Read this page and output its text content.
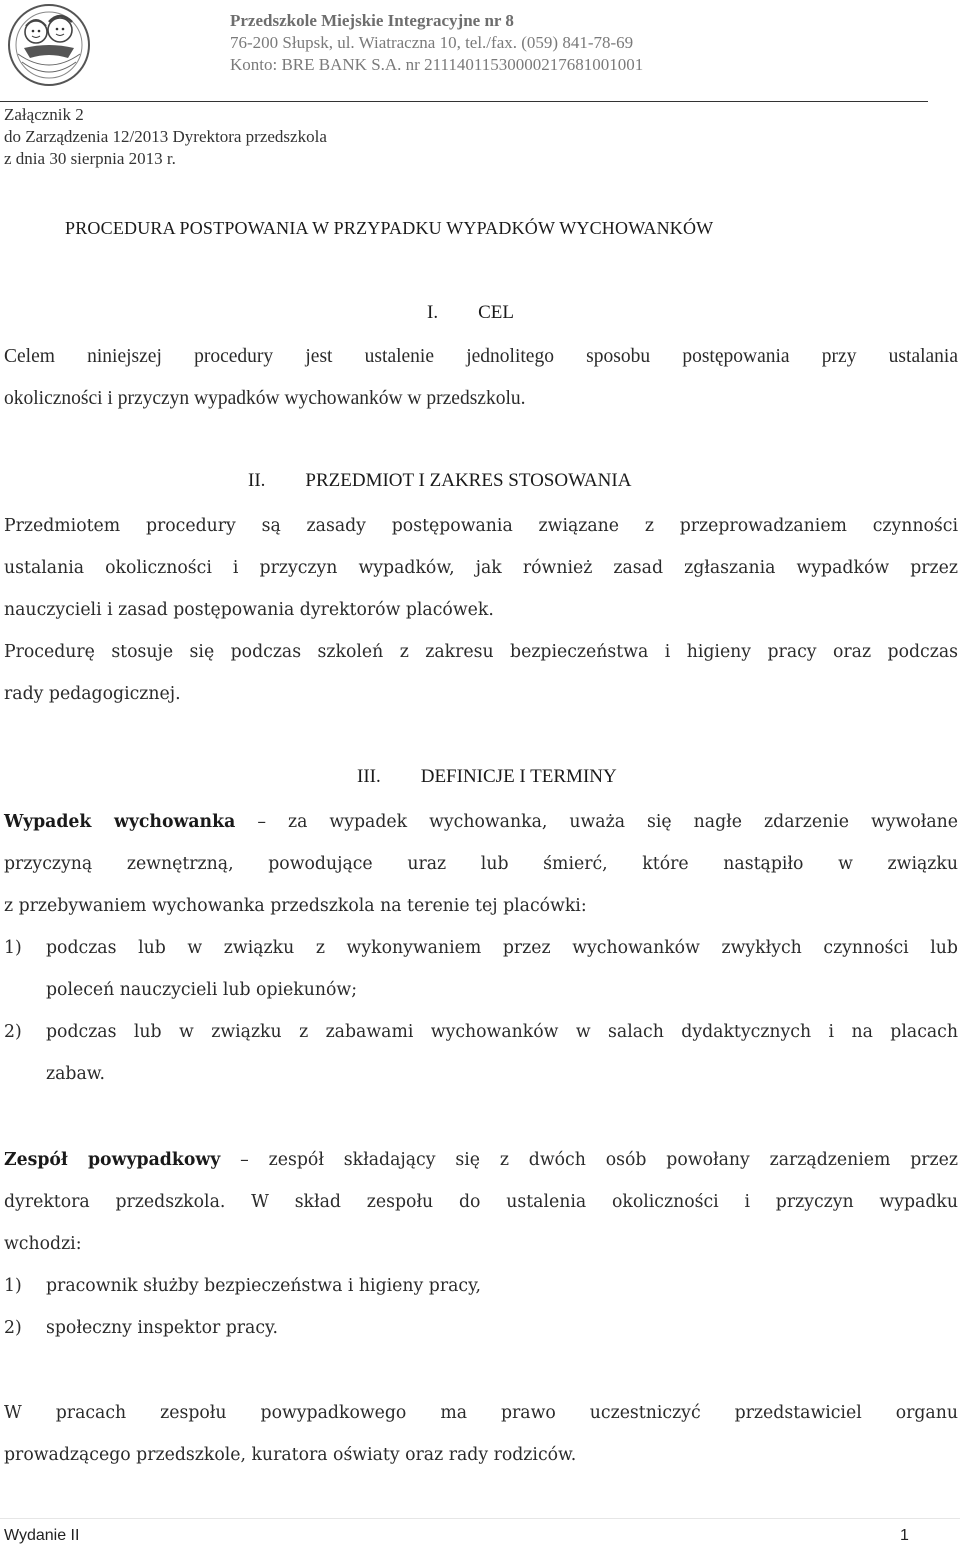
Przedszkole Miejskie Integracyjne nr 8
76-200 Słupsk, ul. Wiatraczna 10, tel./fax. (059) 841-78-69
Konto: BRE BANK S.A. nr 21114011530000217681001001
Załącznik 2
do Zarządzenia 12/2013 Dyrektora przedszkola
z dnia 30 sierpnia 2013 r.
PROCEDURA POSTPOWANIA W PRZYPADKU WYPADKÓW WYCHOWANKÓW
I. CEL
Celem niniejszej procedury jest ustalenie jednolitego sposobu postępowania przy ustalania
okoliczności i przyczyn wypadków wychowanków w przedszkolu.
II. PRZEDMIOT I ZAKRES STOSOWANIA
Przedmiotem procedury są zasady postępowania związane z przeprowadzaniem czynności
ustalania okoliczności i przyczyn wypadków, jak również zasad zgłaszania wypadków przez
nauczycieli i zasad postępowania dyrektorów placówek.
Procedurę stosuje się podczas szkoleń z zakresu bezpieczeństwa i higieny pracy oraz podczas
rady pedagogicznej.
III. DEFINICJE I TERMINY
Wypadek wychowanka – za wypadek wychowanka, uważa się nagłe zdarzenie wywołane
przyczyną zewnętrzną, powodujące uraz lub śmierć, które nastąpiło w związku
z przebywaniem wychowanka przedszkola na terenie tej placówki:
1) podczas lub w związku z wykonywaniem przez wychowanków zwykłych czynności lub
poleceń nauczycieli lub opiekunów;
2) podczas lub w związku z zabawami wychowanków w salach dydaktycznych i na placach
zabaw.
Zespół powypadkowy – zespół składający się z dwóch osób powołany zarządzeniem przez
dyrektora przedszkola. W skład zespołu do ustalenia okoliczności i przyczyn wypadku
wchodzi:
1) pracownik służby bezpieczeństwa i higieny pracy,
2) społeczny inspektor pracy.
W pracach zespołu powypadkowego ma prawo uczestniczyć przedstawiciel organu
prowadzącego przedszkole, kuratora oświaty oraz rady rodziców.
Wydanie II	1
